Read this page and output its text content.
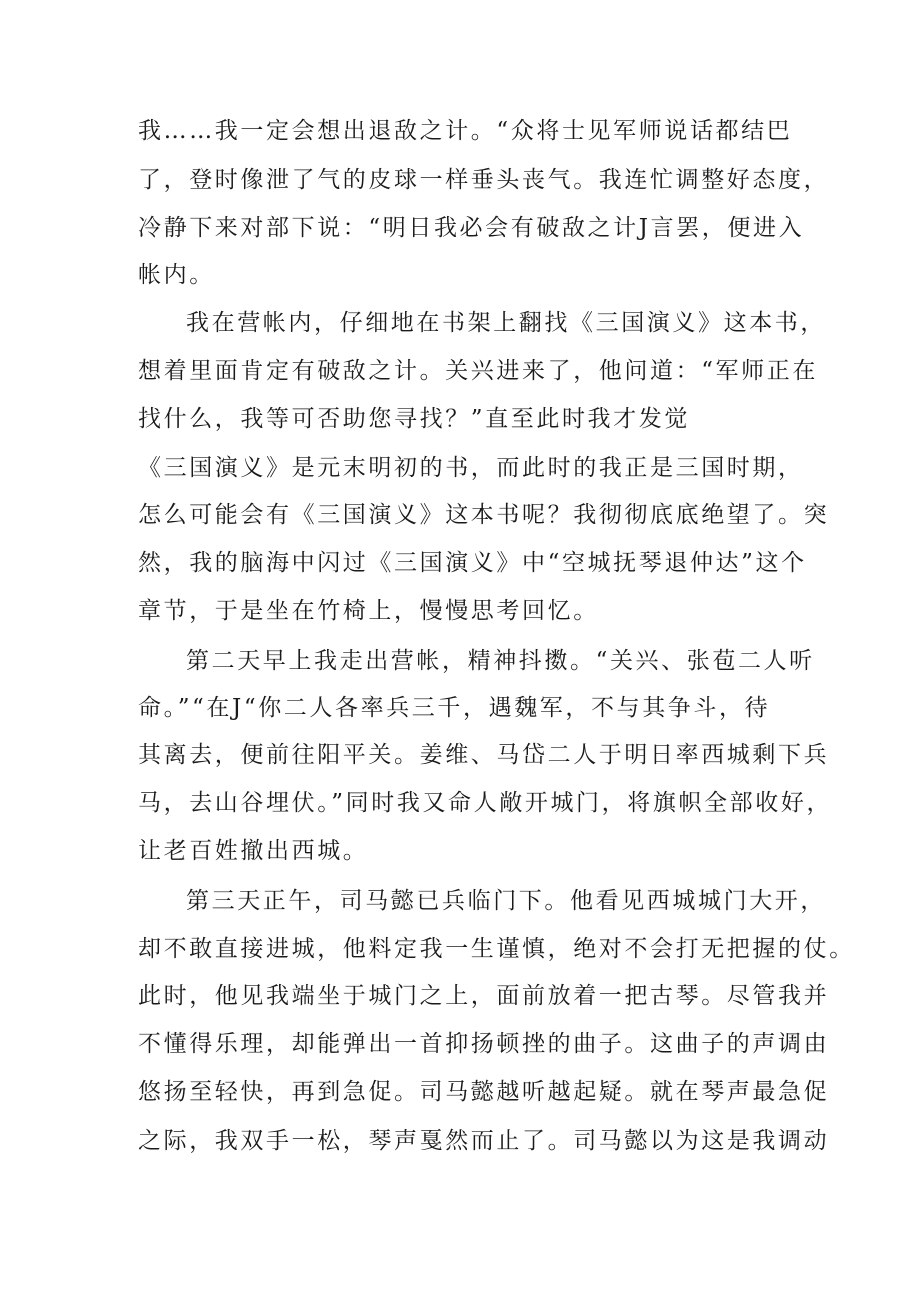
我……我一定会想出退敌之计。“众将士见军师说话都结巴
了，登时像泄了气的皮球一样垂头丧气。我连忙调整好态度，
冷静下来对部下说：“明日我必会有破敌之计J言罢，便进入
帐内。
我在营帐内，仔细地在书架上翻找《三国演义》这本书，
想着里面肯定有破敌之计。关兴进来了，他问道：“军师正在
找什么，我等可否助您寻找？”直至此时我才发觉
《三国演义》是元末明初的书，而此时的我正是三国时期，
怎么可能会有《三国演义》这本书呢？我彻彻底底绝望了。突
然，我的脑海中闪过《三国演义》中“空城抚琴退仲达”这个
章节，于是坐在竹椅上，慢慢思考回忆。
第二天早上我走出营帐，精神抖擞。“关兴、张苞二人听
命。”“在J“你二人各率兵三千，遇魏军，不与其争斗，待
其离去，便前往阳平关。姜维、马岱二人于明日率西城剩下兵
马，去山谷埋伏。”同时我又命人敞开城门，将旗帜全部收好，
让老百姓撤出西城。
第三天正午，司马懿已兵临门下。他看见西城城门大开，
却不敢直接进城，他料定我一生谨慎，绝对不会打无把握的仗。
此时，他见我端坐于城门之上，面前放着一把古琴。尽管我并
不懂得乐理，却能弹出一首抑扬顿挫的曲子。这曲子的声调由
悠扬至轻快，再到急促。司马懿越听越起疑。就在琴声最急促
之际，我双手一松，琴声戛然而止了。司马懿以为这是我调动
